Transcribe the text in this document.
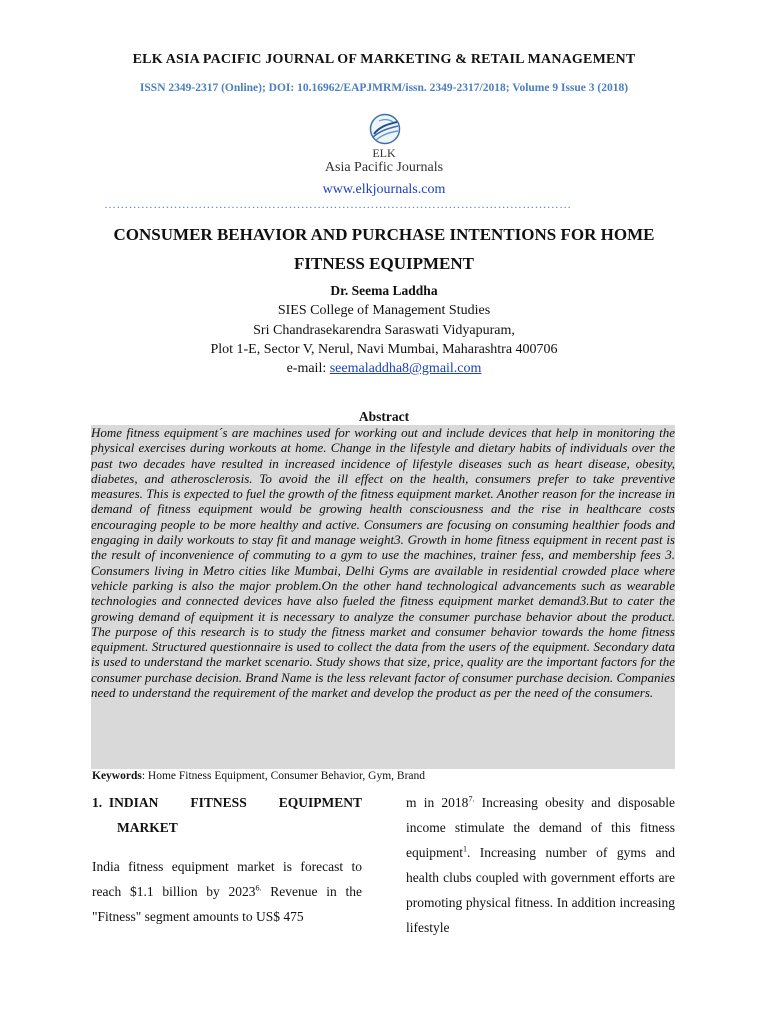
ELK ASIA PACIFIC JOURNAL OF MARKETING & RETAIL MANAGEMENT
ISSN 2349-2317 (Online); DOI: 10.16962/EAPJMRM/issn. 2349-2317/2018; Volume 9 Issue 3 (2018)
ELK
Asia Pacific Journals
www.elkjournals.com
……………………………………………………………………………………………………
CONSUMER BEHAVIOR AND PURCHASE INTENTIONS FOR HOME
FITNESS EQUIPMENT
Dr. Seema Laddha
SIES College of Management Studies
Sri Chandrasekarendra Saraswati Vidyapuram,
Plot 1-E, Sector V, Nerul, Navi Mumbai, Maharashtra 400706
e-mail: seemaladdha8@gmail.com
Abstract

Home fitness equipment´s are machines used for working out and include devices that help in monitoring the physical exercises during workouts at home. Change in the lifestyle and dietary habits of individuals over the past two decades have resulted in increased incidence of lifestyle diseases such as heart disease, obesity, diabetes, and atherosclerosis. To avoid the ill effect on the health, consumers prefer to take preventive measures. This is expected to fuel the growth of the fitness equipment market. Another reason for the increase in demand of fitness equipment would be growing health consciousness and the rise in healthcare costs encouraging people to be more healthy and active. Consumers are focusing on consuming healthier foods and engaging in daily workouts to stay fit and manage weight3. Growth in home fitness equipment in recent past is the result of inconvenience of commuting to a gym to use the machines, trainer fess, and membership fees 3. Consumers living in Metro cities like Mumbai, Delhi Gyms are available in residential crowded place where vehicle parking is also the major problem.On the other hand technological advancements such as wearable technologies and connected devices have also fueled the fitness equipment market demand3.But to cater the growing demand of equipment it is necessary to analyze the consumer purchase behavior about the product. The purpose of this research is to study the fitness market and consumer behavior towards the home fitness equipment. Structured questionnaire is used to collect the data from the users of the equipment. Secondary data is used to understand the market scenario. Study shows that size, price, quality are the important factors for the consumer purchase decision. Brand Name is the less relevant factor of consumer purchase decision. Companies need to understand the requirement of the market and develop the product as per the need of the consumers.

Keywords: Home Fitness Equipment, Consumer Behavior, Gym, Brand
1. INDIAN FITNESS EQUIPMENT
MARKET

India fitness equipment market is forecast to reach $1.1 billion by $2023^{6.}$ Revenue in the "Fitness" segment amounts to US$ 475

m in $2018^{7.}$ Increasing obesity and disposable income stimulate the demand of this fitness equipment$^1$. Increasing number of gyms and health clubs coupled with government efforts are promoting physical fitness. In addition increasing lifestyle
